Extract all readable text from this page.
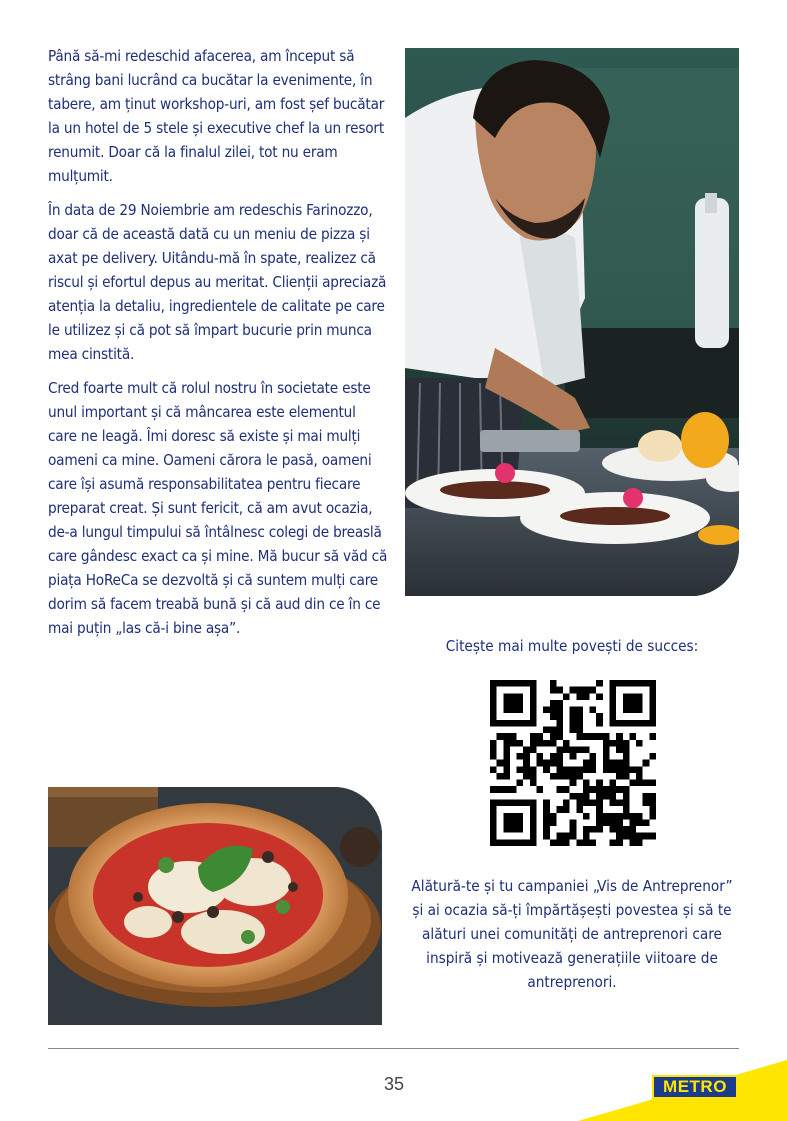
Până să-mi redeschid afacerea, am început să strâng bani lucrând ca bucătar la evenimente, în tabere, am ținut workshop-uri, am fost șef bucătar la un hotel de 5 stele și executive chef la un resort renumit. Doar că la finalul zilei, tot nu eram mulțumit.

În data de 29 Noiembrie am redeschis Farinozzo, doar că de această dată cu un meniu de pizza și axat pe delivery. Uitându-mă în spate, realizez că riscul și efortul depus au meritat. Clienții apreciază atenția la detaliu, ingredientele de calitate pe care le utilizez și că pot să împart bucurie prin munca mea cinstită.

Cred foarte mult că rolul nostru în societate este unul important și că mâncarea este elementul care ne leagă. Îmi doresc să existe și mai mulți oameni ca mine. Oameni cărora le pasă, oameni care își asumă responsabilitatea pentru fiecare preparat creat. Și sunt fericit, că am avut ocazia, de-a lungul timpului să întâlnesc colegi de breaslă care gândesc exact ca și mine. Mă bucur să văd că piața HoReCa se dezvoltă și că suntem mulți care dorim să facem treabă bună și că aud din ce în ce mai puțin „las că-i bine așa”.

Citește mai multe povești de succes:
Alătură-te și tu campaniei „Vis de Antreprenor” și ai ocazia să-ți împărtășești povestea și să te alături unei comunități de antreprenori care inspiră și motivează generațiile viitoare de antreprenori.
35	METRO
